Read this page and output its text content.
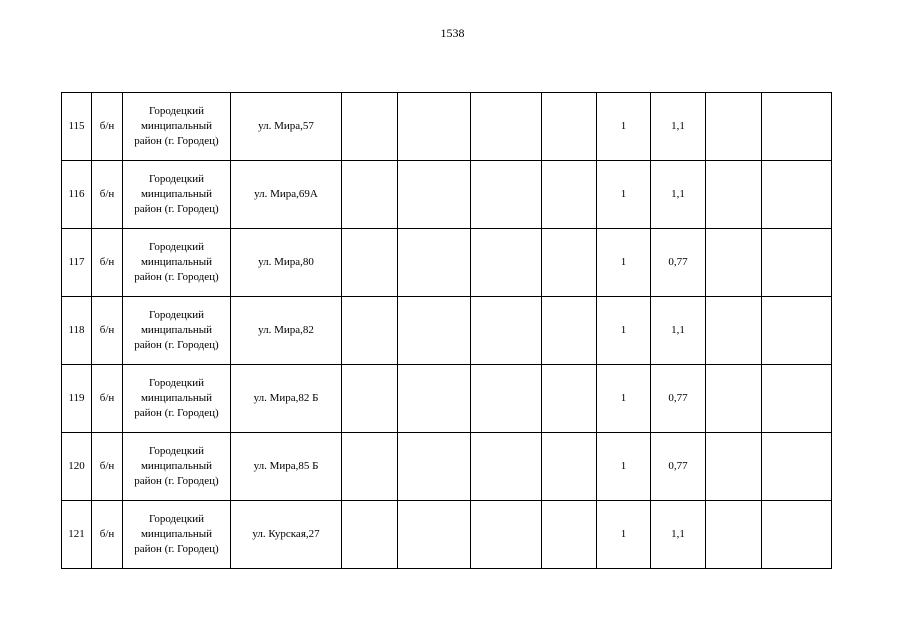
1538
115	б/н	Городецкий
минципальный
район (г. Городец)	ул. Мира,57					1	1,1		
116	б/н	Городецкий
минципальный
район (г. Городец)	ул. Мира,69А					1	1,1		
117	б/н	Городецкий
минципальный
район (г. Городец)	ул. Мира,80					1	0,77		
118	б/н	Городецкий
минципальный
район (г. Городец)	ул. Мира,82					1	1,1		
119	б/н	Городецкий
минципальный
район (г. Городец)	ул. Мира,82 Б					1	0,77		
120	б/н	Городецкий
минципальный
район (г. Городец)	ул. Мира,85 Б					1	0,77		
121	б/н	Городецкий
минципальный
район (г. Городец)	ул. Курская,27					1	1,1		
